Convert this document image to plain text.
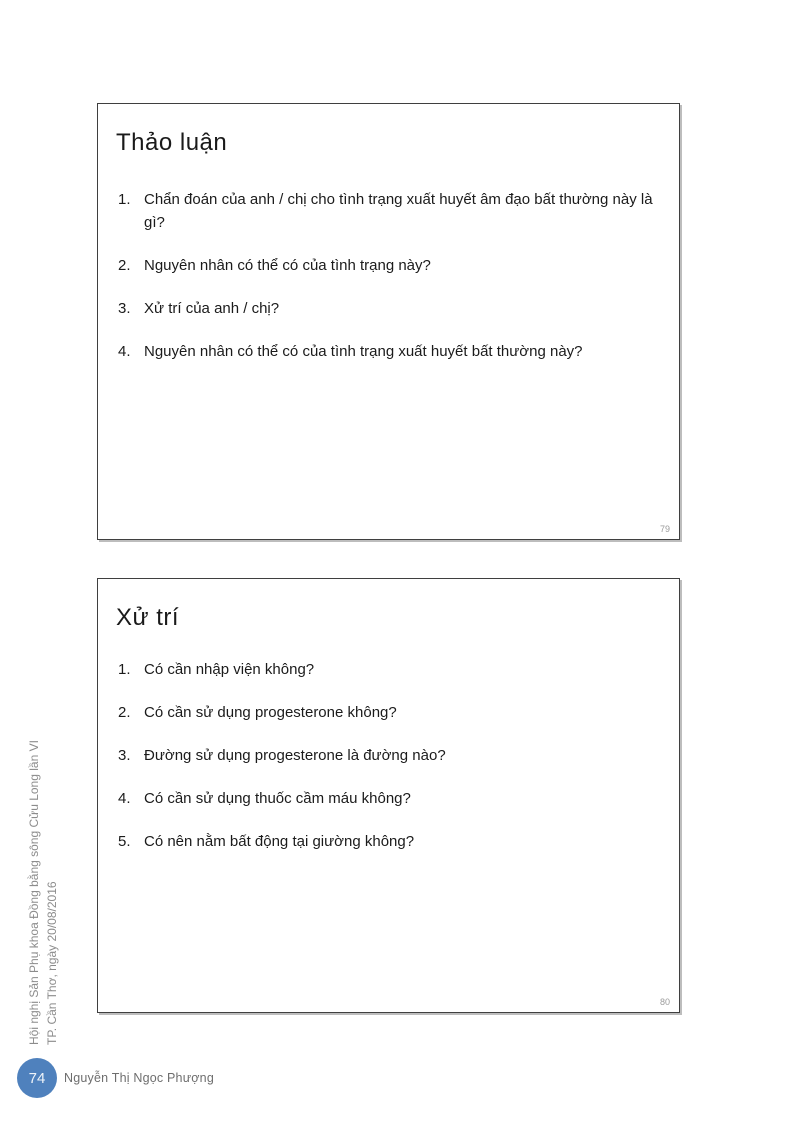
Thảo luận
Chẩn đoán của anh / chị cho tình trạng xuất huyết âm đạo bất thường này là gì?
Nguyên nhân có thể có của tình trạng này?
Xử trí của anh / chị?
Nguyên nhân có thể có của tình trạng xuất huyết bất thường này?
79
Xử trí
Có cần nhập viện không?
Có cần sử dụng progesterone không?
Đường sử dụng progesterone là đường nào?
Có cần sử dụng thuốc cầm máu không?
Có nên nằm bất động tại giường không?
80
Hội nghị Sản Phụ khoa Đồng bằng sông Cửu Long lần VI TP. Cần Thơ, ngày 20/08/2016
74	Nguyễn Thị Ngọc Phượng
